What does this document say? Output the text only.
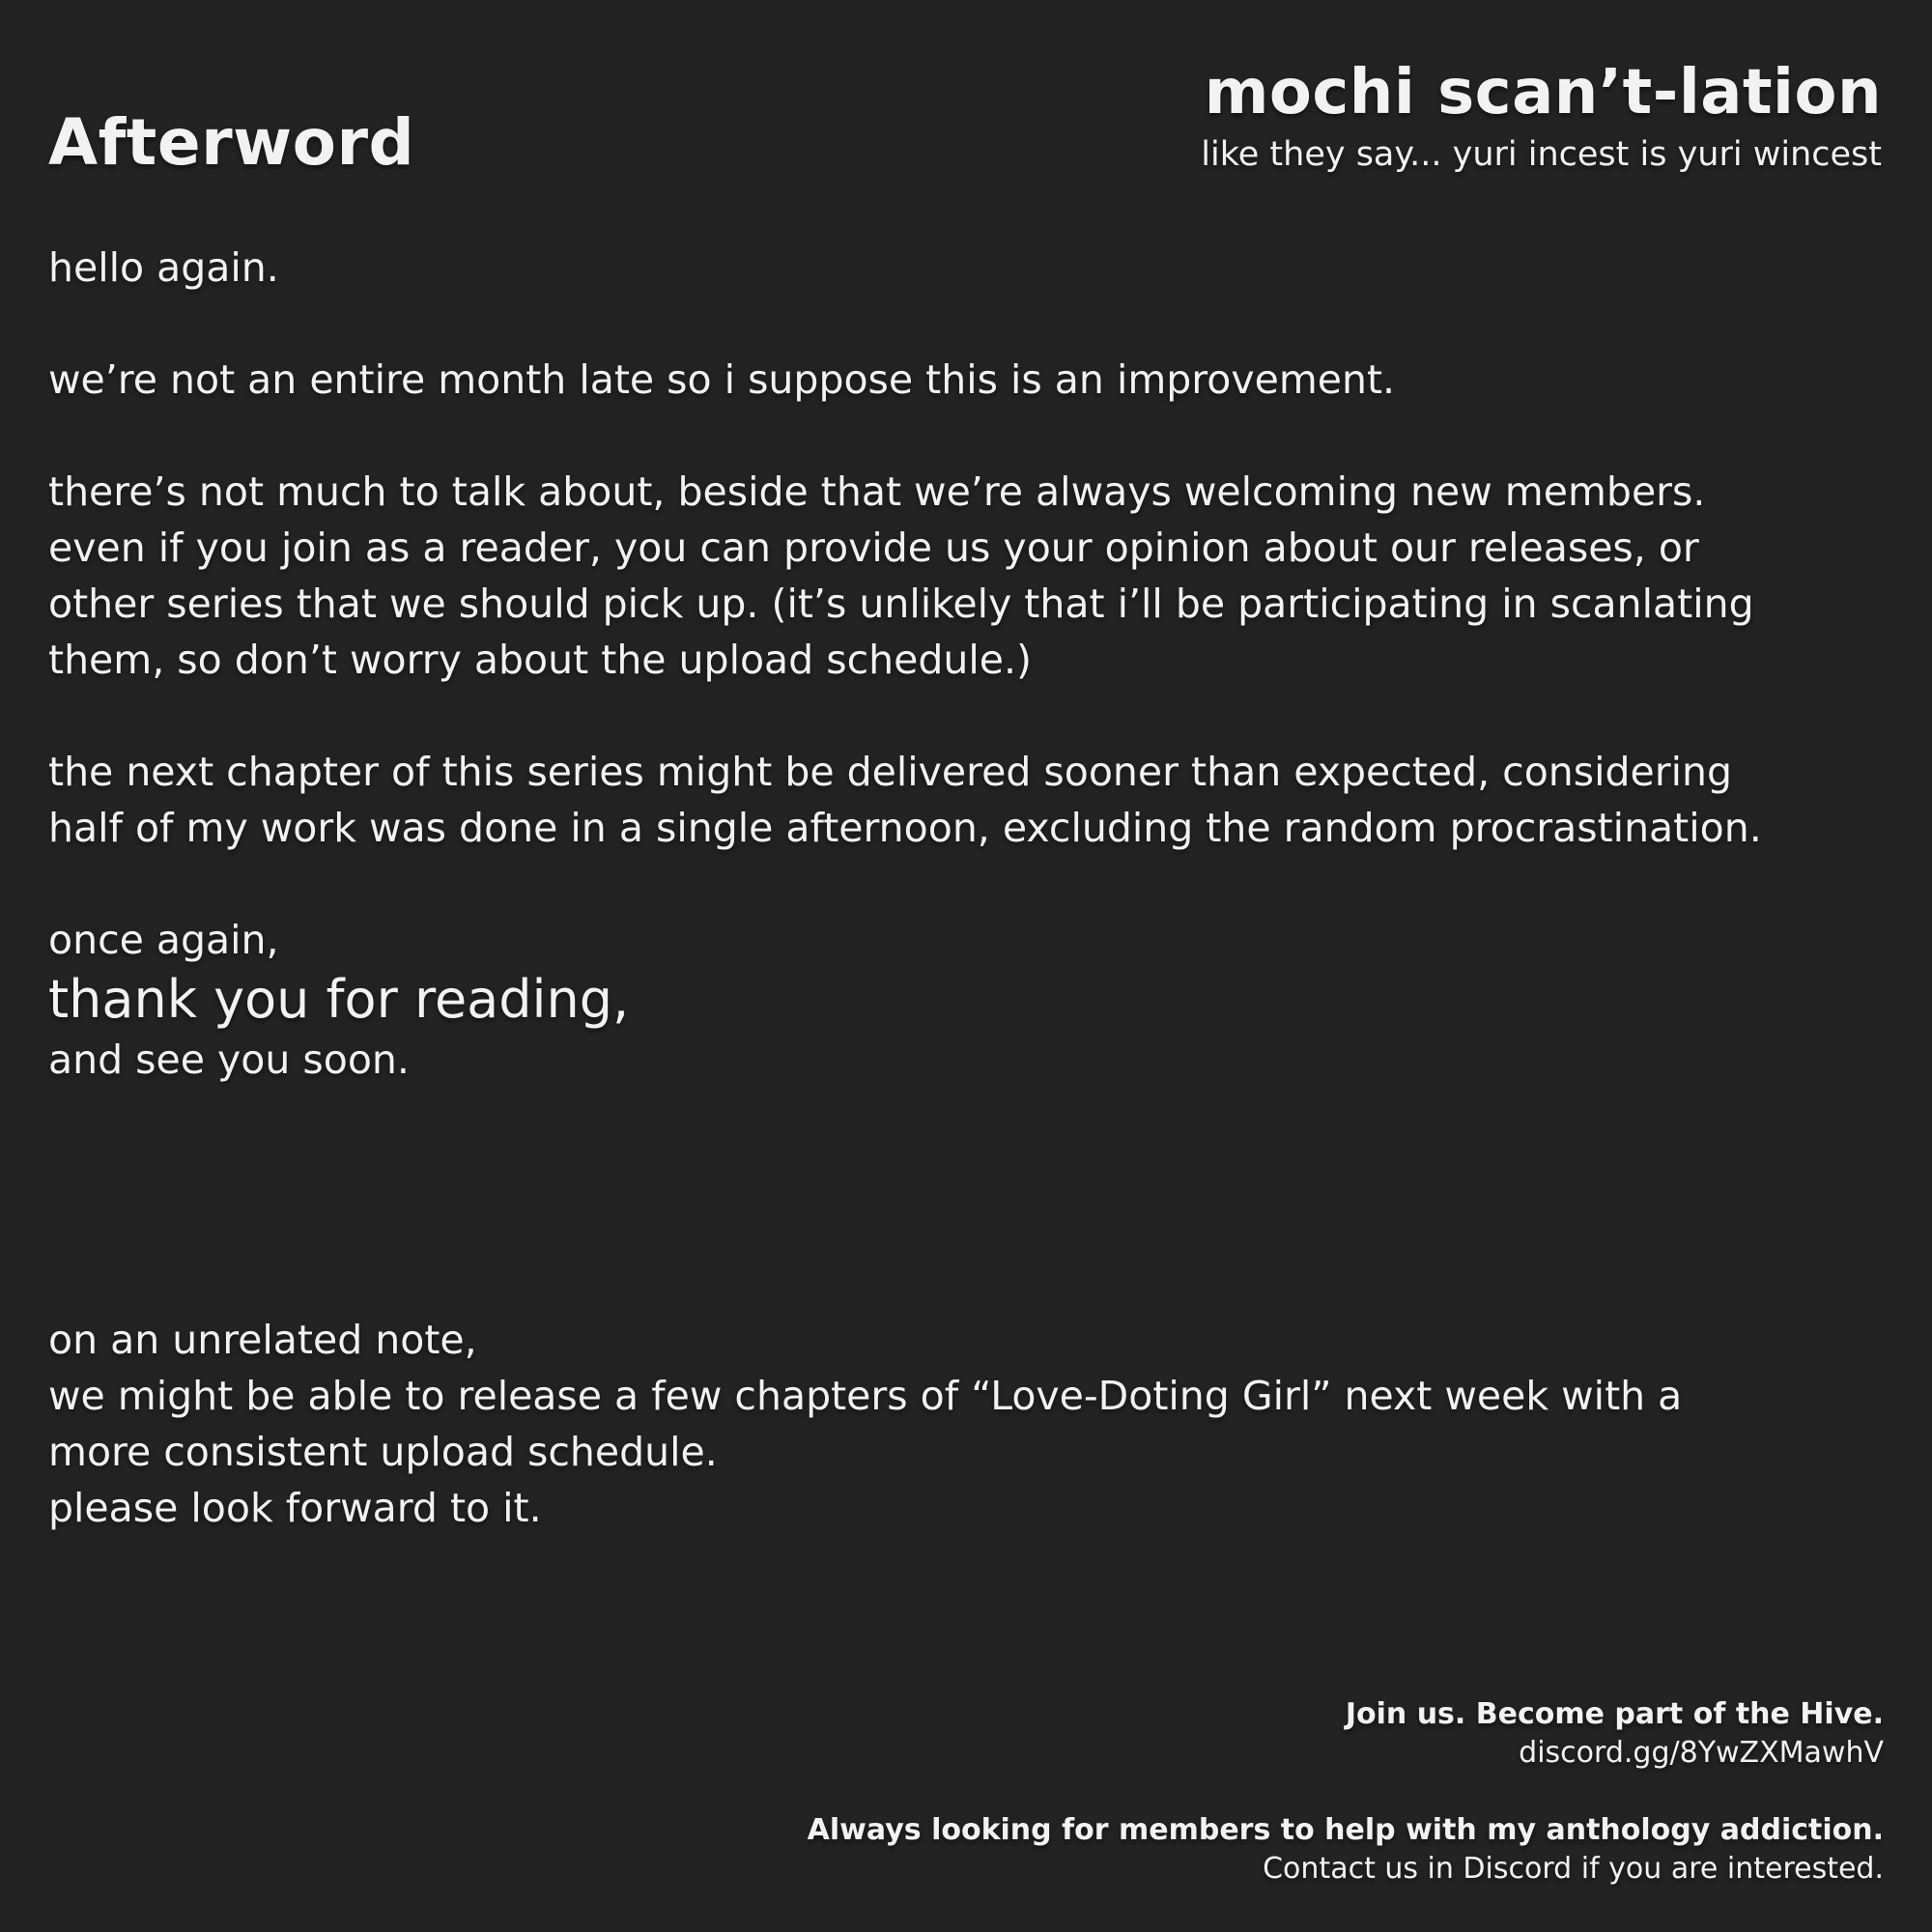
Afterword
mochi scan’t-lation
like they say... yuri incest is yuri wincest

hello again.

we’re not an entire month late so i suppose this is an improvement.

there’s not much to talk about, beside that we’re always welcoming new members.
even if you join as a reader, you can provide us your opinion about our releases, or
other series that we should pick up. (it’s unlikely that i’ll be participating in scanlating
them, so don’t worry about the upload schedule.)

the next chapter of this series might be delivered sooner than expected, considering
half of my work was done in a single afternoon, excluding the random procrastination.

once again,
thank you for reading,
and see you soon.
on an unrelated note,
we might be able to release a few chapters of “Love-Doting Girl” next week with a
more consistent upload schedule.
please look forward to it.
Join us. Become part of the Hive.
discord.gg/8YwZXMawhV
Always looking for members to help with my anthology addiction.
Contact us in Discord if you are interested.
